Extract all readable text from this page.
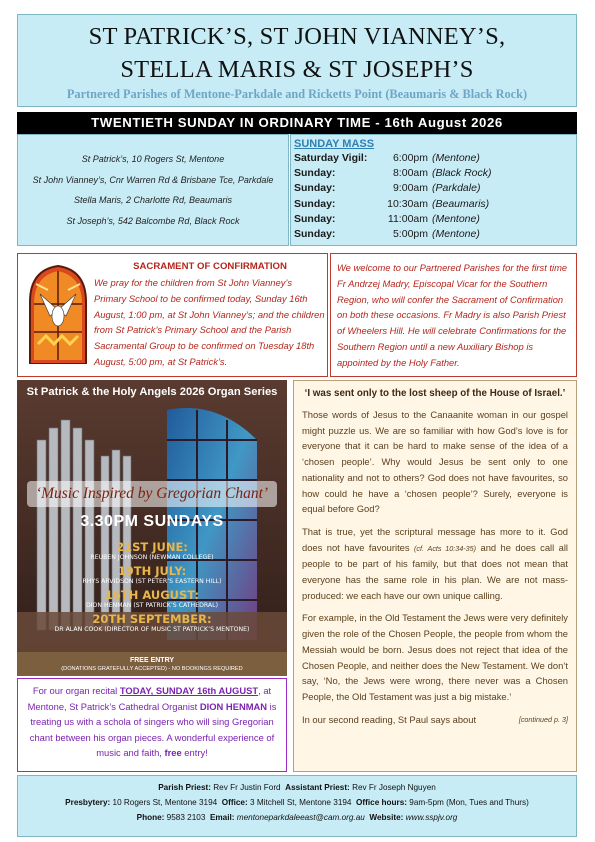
ST PATRICK’S, ST JOHN VIANNEY’S,
STELLA MARIS & ST JOSEPH’S
Partnered Parishes of Mentone-Parkdale and Ricketts Point (Beaumaris & Black Rock)
TWENTIETH SUNDAY IN ORDINARY TIME - 16th August 2026
St Patrick’s, 10 Rogers St, Mentone
St John Vianney’s, Cnr Warren Rd & Brisbane Tce, Parkdale
Stella Maris, 2 Charlotte Rd, Beaumaris
St Joseph’s, 542 Balcombe Rd, Black Rock
SUNDAY MASS
Saturday Vigil:	6:00pm (Mentone)
Sunday:	8:00am (Black Rock)
Sunday:	9:00am (Parkdale)
Sunday:	10:30am (Beaumaris)
Sunday:	11:00am (Mentone)
Sunday:	5:00pm (Mentone)
SACRAMENT OF CONFIRMATION
We pray for the children from St John Vianney’s Primary School to be confirmed today, Sunday 16th August, 1:00 pm, at St John Vianney’s; and the children from St Patrick’s Primary School and the Parish Sacramental Group to be confirmed on Tuesday 18th August, 5:00 pm, at St Patrick’s.
We welcome to our Partnered Parishes for the first time Fr Andrzej Madry, Episcopal Vicar for the Southern Region, who will confer the Sacrament of Confirmation on both these occasions. Fr Madry is also Parish Priest of Wheelers Hill. He will celebrate Confirmations for the Southern Region until a new Auxiliary Bishop is appointed by the Holy Father.
St Patrick & the Holy Angels 2026 Organ Series
‘Music Inspired by Gregorian Chant’
3.30PM SUNDAYS
21ST JUNE:
REUBEN JOHNSON (NEWMAN COLLEGE)
19TH JULY:
RHYS ARVIDSON (ST PETER’S EASTERN HILL)
16TH AUGUST:
DION HENMAN (ST PATRICK’S CATHEDRAL)
20TH SEPTEMBER:
DR ALAN COOK (DIRECTOR OF MUSIC ST PATRICK’S MENTONE)
FREE ENTRY
(DONATIONS GRATEFULLY ACCEPTED) - NO BOOKINGS REQUIRED
For our organ recital TODAY, SUNDAY 16th AUGUST, at Mentone, St Patrick’s Cathedral Organist DION HENMAN is treating us with a schola of singers who will sing Gregorian chant between his organ pieces. A wonderful experience of music and faith, free entry!
‘I was sent only to the lost sheep of the House of Israel.’

Those words of Jesus to the Canaanite woman in our gospel might puzzle us. We are so familiar with how God’s love is for everyone that it can be hard to make sense of the idea of a ‘chosen people’. Why would Jesus be sent only to one nationality and not to others? God does not have favourites, so how could he have a ‘chosen people’? Surely, everyone is equal before God?

That is true, yet the scriptural message has more to it. God does not have favourites (cf. Acts 10:34-35) and he does call all people to be part of his family, but that does not mean that everyone has the same role in his plan. We are not mass-produced: we each have our own unique calling.

For example, in the Old Testament the Jews were very definitely given the role of the Chosen People, the people from whom the Messiah would be born. Jesus does not reject that idea of the Chosen People, and neither does the New Testament. We don’t say, ‘No, the Jews were wrong, there never was a Chosen People, the Old Testament was just a big mistake.’

In our second reading, St Paul says about	[continued p. 3]

Parish Priest: Rev Fr Justin Ford Assistant Priest: Rev Fr Joseph Nguyen
Presbytery: 10 Rogers St, Mentone 3194 Office: 3 Mitchell St, Mentone 3194 Office hours: 9am-5pm (Mon, Tues and Thurs)
Phone: 9583 2103 Email: mentoneparkdaleeast@cam.org.au Website: www.sspjv.org
